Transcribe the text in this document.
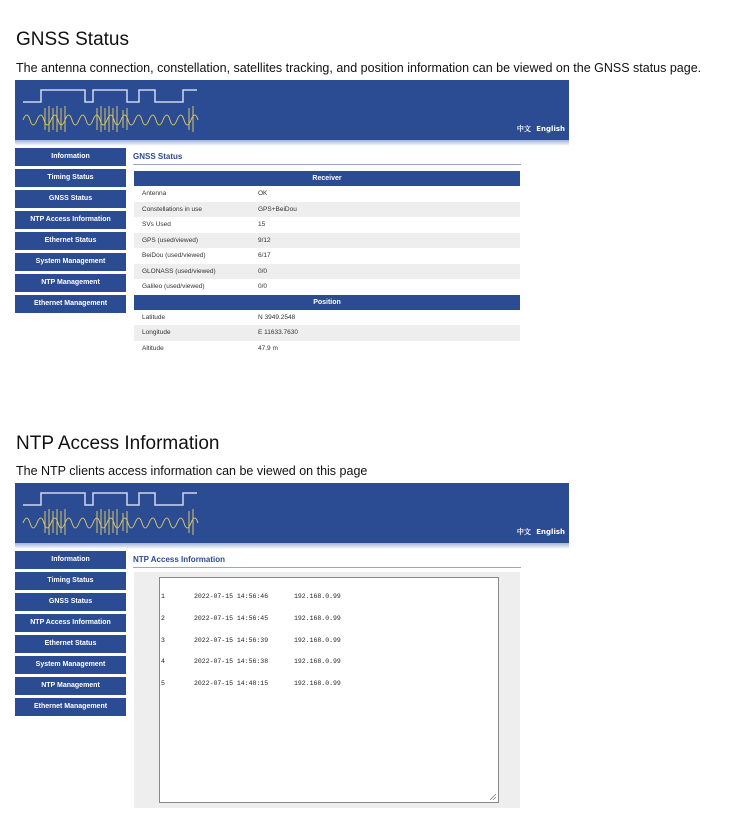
GNSS Status
The antenna connection, constellation, satellites tracking, and position information can be viewed on the GNSS status page.
中文 English
Information
Timing Status
GNSS Status
NTP Access Information
Ethernet Status
System Management
NTP Management
Ethernet Management
GNSS Status
Receiver
Antenna	OK
Constellations in use	GPS+BeiDou
SVs Used	15
GPS (used/viewed)	9/12
BeiDou (used/viewed)	6/17
GLONASS (used/viewed)	0/0
Galileo (used/viewed)	0/0
Position
Latitude	N 3949.2548
Longitude	E 11633.7630
Altitude	47.9 m
NTP Access Information
The NTP clients access information can be viewed on this page
中文 English
Information
Timing Status
GNSS Status
NTP Access Information
Ethernet Status
System Management
NTP Management
Ethernet Management
NTP Access Information

1	2022-07-15 14:56:46	192.168.0.99

2	2022-07-15 14:56:45	192.168.0.99

3	2022-07-15 14:56:39	192.168.0.99

4	2022-07-15 14:56:38	192.168.0.99

5	2022-07-15 14:48:15	192.168.0.99
